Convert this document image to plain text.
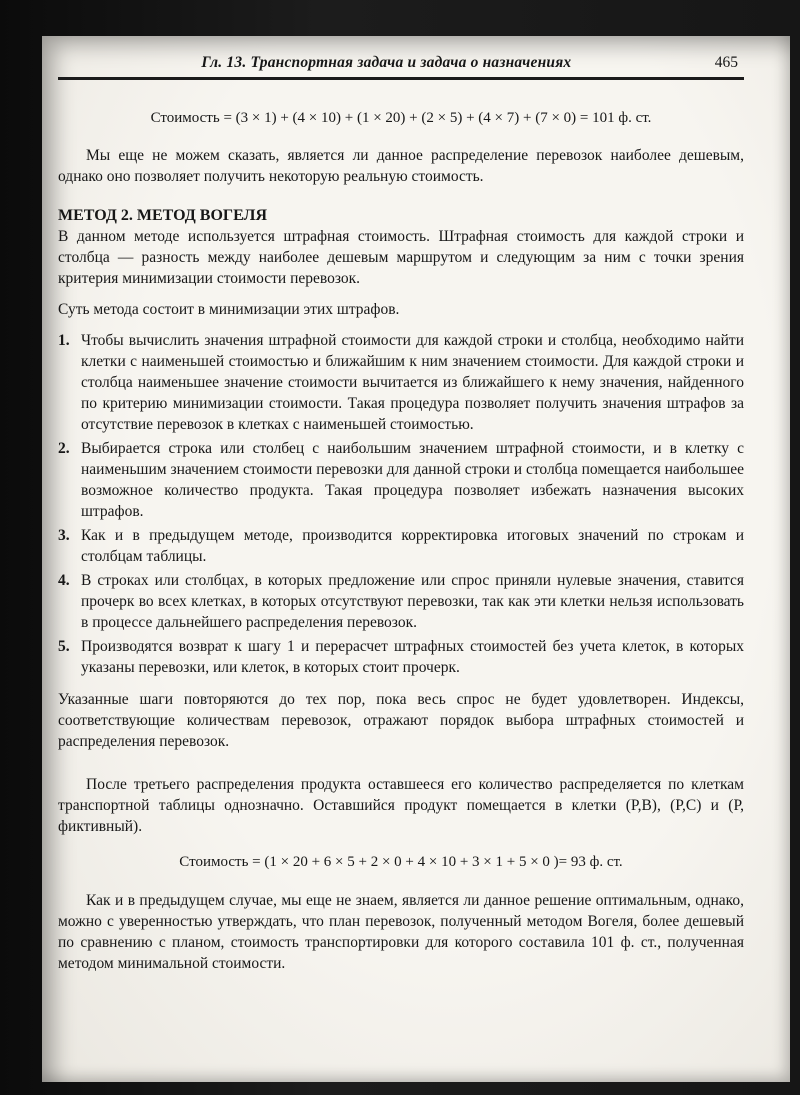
Гл. 13. Транспортная задача и задача о назначениях	465

Стоимость = (3 × 1) + (4 × 10) + (1 × 20) + (2 × 5) + (4 × 7) + (7 × 0) = 101 ф. ст.

Мы еще не можем сказать, является ли данное распределение перевозок наиболее дешевым, однако оно позволяет получить некоторую реальную стоимость.

МЕТОД 2. МЕТОД ВОГЕЛЯ

В данном методе используется штрафная стоимость. Штрафная стоимость для каждой строки и столбца — разность между наиболее дешевым маршрутом и следующим за ним с точки зрения критерия минимизации стоимости перевозок.

Суть метода состоит в минимизации этих штрафов.

1. Чтобы вычислить значения штрафной стоимости для каждой строки и столбца, необходимо найти клетки с наименьшей стоимостью и ближайшим к ним значением стоимости. Для каждой строки и столбца наименьшее значение стоимости вычитается из ближайшего к нему значения, найденного по критерию минимизации стоимости. Такая процедура позволяет получить значения штрафов за отсутствие перевозок в клетках с наименьшей стоимостью.
2. Выбирается строка или столбец с наибольшим значением штрафной стоимости, и в клетку с наименьшим значением стоимости перевозки для данной строки и столбца помещается наибольшее возможное количество продукта. Такая процедура позволяет избежать назначения высоких штрафов.
3. Как и в предыдущем методе, производится корректировка итоговых значений по строкам и столбцам таблицы.
4. В строках или столбцах, в которых предложение или спрос приняли нулевые значения, ставится прочерк во всех клетках, в которых отсутствуют перевозки, так как эти клетки нельзя использовать в процессе дальнейшего распределения перевозок.
5. Производятся возврат к шагу 1 и перерасчет штрафных стоимостей без учета клеток, в которых указаны перевозки, или клеток, в которых стоит прочерк.

Указанные шаги повторяются до тех пор, пока весь спрос не будет удовлетворен. Индексы, соответствующие количествам перевозок, отражают порядок выбора штрафных стоимостей и распределения перевозок.

После третьего распределения продукта оставшееся его количество распределяется по клеткам транспортной таблицы однозначно. Оставшийся продукт помещается в клетки (Р,В), (Р,С) и (Р, фиктивный).

Стоимость = (1 × 20 + 6 × 5 + 2 × 0 + 4 × 10 + 3 × 1 + 5 × 0 )= 93 ф. ст.

Как и в предыдущем случае, мы еще не знаем, является ли данное решение оптимальным, однако, можно с уверенностью утверждать, что план перевозок, полученный методом Вогеля, более дешевый по сравнению с планом, стоимость транспортировки для которого составила 101 ф. ст., полученная методом минимальной стоимости.
